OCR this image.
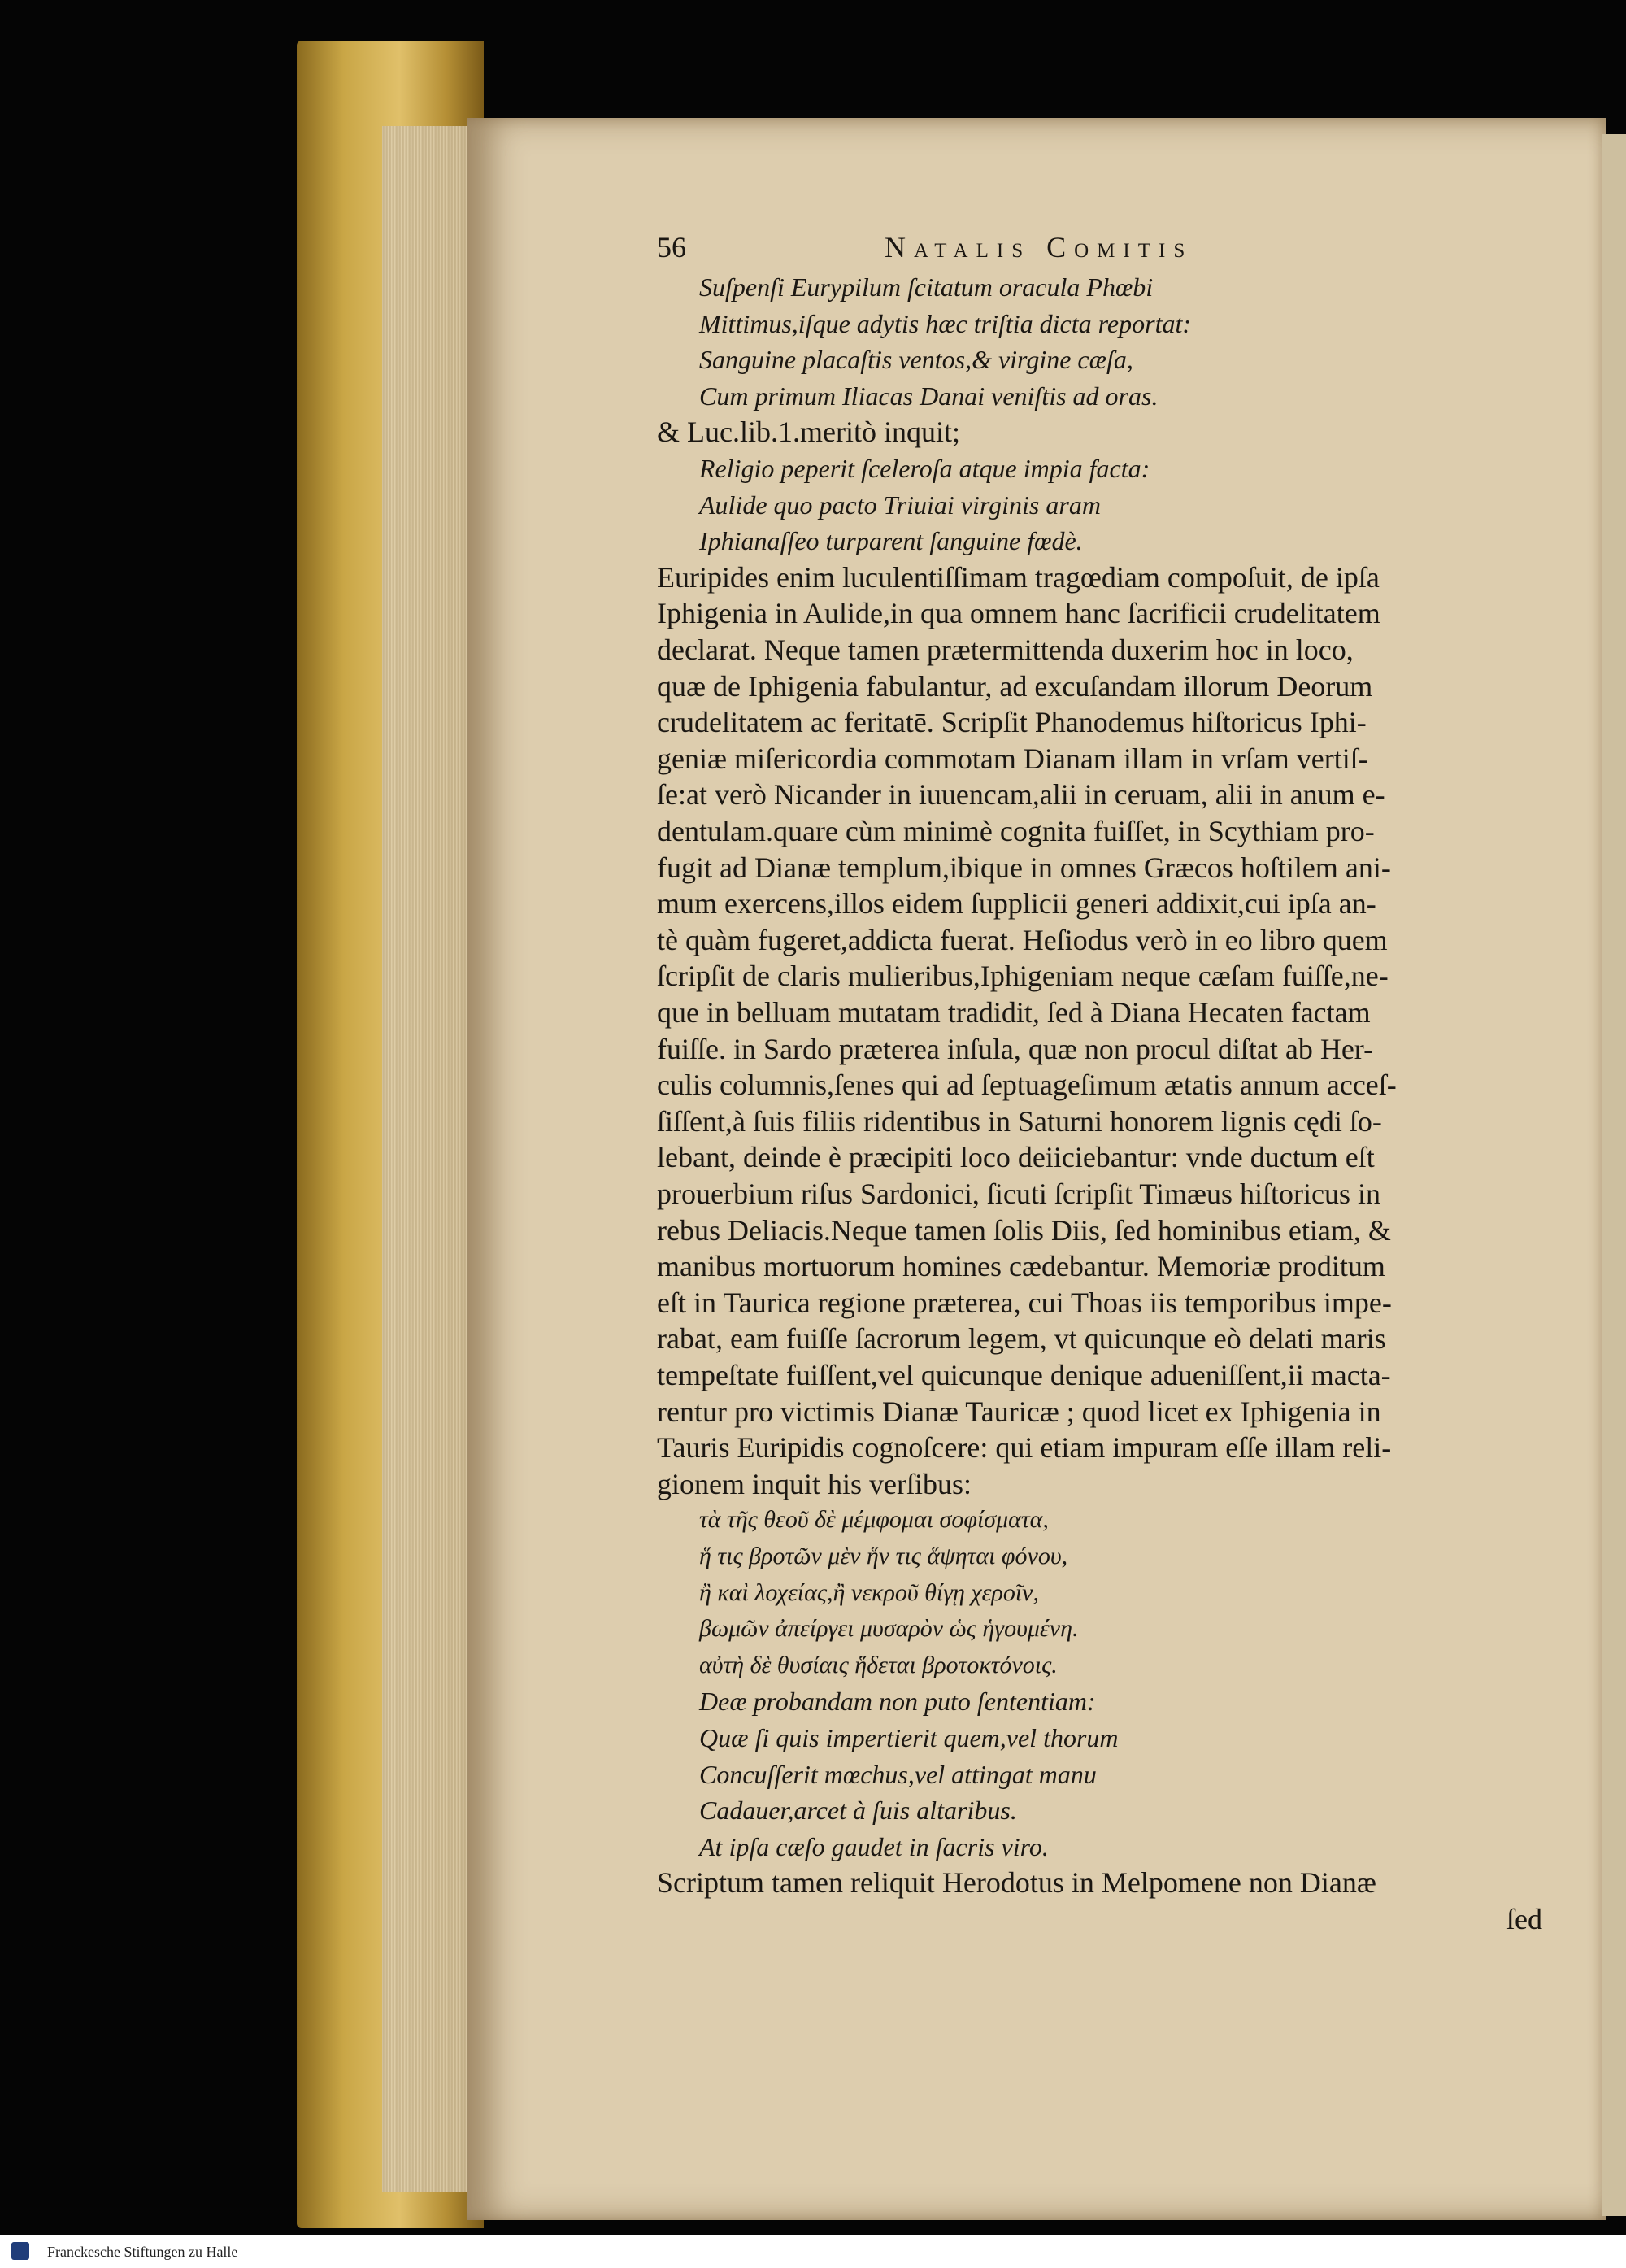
56	Natalis Comitis
Suſpenſi Eurypilum ſcitatum oracula Phœbi
Mittimus,iſque adytis hæc triſtia dicta reportat:
Sanguine placaſtis ventos,& virgine cæſa,
Cum primum Iliacas Danai veniſtis ad oras.
& Luc.lib.1.meritò inquit;
Religio peperit ſceleroſa atque impia facta:
Aulide quo pacto Triuiai virginis aram
Iphianaſſeo turparent ſanguine fœdè.
Euripides enim luculentiſſimam tragœdiam compoſuit, de ipſa
Iphigenia in Aulide,in qua omnem hanc ſacrificii crudelitatem
declarat. Neque tamen prætermittenda duxerim hoc in loco,
quæ de Iphigenia fabulantur, ad excuſandam illorum Deorum
crudelitatem ac feritatē. Scripſit Phanodemus hiſtoricus Iphi-
geniæ miſericordia commotam Dianam illam in vrſam vertiſ-
ſe:at verò Nicander in iuuencam,alii in ceruam, alii in anum e-
dentulam.quare cùm minimè cognita fuiſſet, in Scythiam pro-
fugit ad Dianæ templum,ibique in omnes Græcos hoſtilem ani-
mum exercens,illos eidem ſupplicii generi addixit,cui ipſa an-
tè quàm fugeret,addicta fuerat. Heſiodus verò in eo libro quem
ſcripſit de claris mulieribus,Iphigeniam neque cæſam fuiſſe,ne-
que in belluam mutatam tradidit, ſed à Diana Hecaten factam
fuiſſe. in Sardo præterea inſula, quæ non procul diſtat ab Her-
culis columnis,ſenes qui ad ſeptuageſimum ætatis annum acceſ-
ſiſſent,à ſuis filiis ridentibus in Saturni honorem lignis cędi ſo-
lebant, deinde è præcipiti loco deiiciebantur: vnde ductum eſt
prouerbium riſus Sardonici, ſicuti ſcripſit Timæus hiſtoricus in
rebus Deliacis.Neque tamen ſolis Diis, ſed hominibus etiam, &
manibus mortuorum homines cædebantur. Memoriæ proditum
eſt in Taurica regione præterea, cui Thoas iis temporibus impe-
rabat, eam fuiſſe ſacrorum legem, vt quicunque eò delati maris
tempeſtate fuiſſent,vel quicunque denique adueniſſent,ii macta-
rentur pro victimis Dianæ Tauricæ ; quod licet ex Iphigenia in
Tauris Euripidis cognoſcere: qui etiam impuram eſſe illam reli-
gionem inquit his verſibus:
τὰ τῆς θεοῦ δὲ μέμφομαι σοφίσματα,
ἥ τις βροτῶν μὲν ἥν τις ἅψηται φόνου,
ἢ καὶ λοχείας,ἢ νεκροῦ θίγῃ χεροῖν,
βωμῶν ἀπείργει μυσαρὸν ὡς ἡγουμένη.
αὐτὴ δὲ θυσίαις ἥδεται βροτοκτόνοις.
Deæ probandam non puto ſententiam:
Quæ ſi quis impertierit quem,vel thorum
Concuſſerit mœchus,vel attingat manu
Cadauer,arcet à ſuis altaribus.
At ipſa cæſo gaudet in ſacris viro.
Scriptum tamen reliquit Herodotus in Melpomene non Dianæ
ſed
Franckesche Stiftungen zu Halle
